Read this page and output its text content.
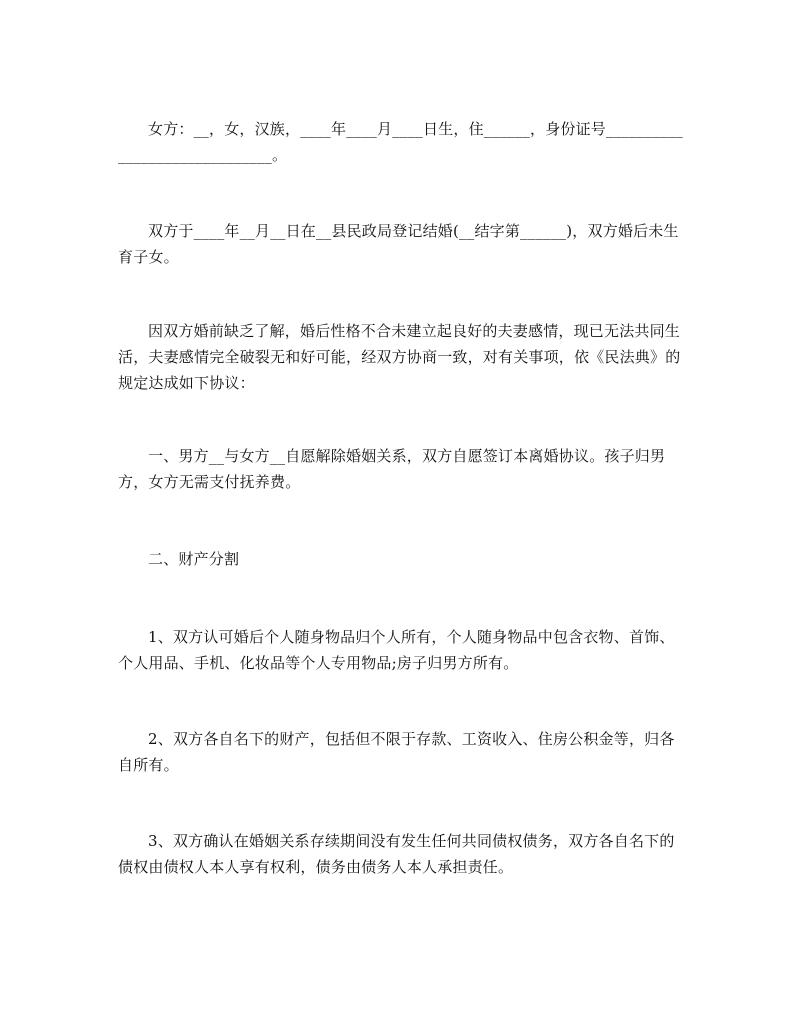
女方：__，女，汉族，____年____月____日生，住______，身份证号______________________________。

双方于____年__月__日在__县民政局登记结婚(__结字第______)，双方婚后未生育子女。

因双方婚前缺乏了解，婚后性格不合未建立起良好的夫妻感情，现已无法共同生活，夫妻感情完全破裂无和好可能，经双方协商一致，对有关事项，依《民法典》的规定达成如下协议：

一、男方__与女方__自愿解除婚姻关系，双方自愿签订本离婚协议。孩子归男方，女方无需支付抚养费。

二、财产分割

1、双方认可婚后个人随身物品归个人所有，个人随身物品中包含衣物、首饰、个人用品、手机、化妆品等个人专用物品;房子归男方所有。

2、双方各自名下的财产，包括但不限于存款、工资收入、住房公积金等，归各自所有。

3、双方确认在婚姻关系存续期间没有发生任何共同债权债务，双方各自名下的债权由债权人本人享有权利，债务由债务人本人承担责任。
